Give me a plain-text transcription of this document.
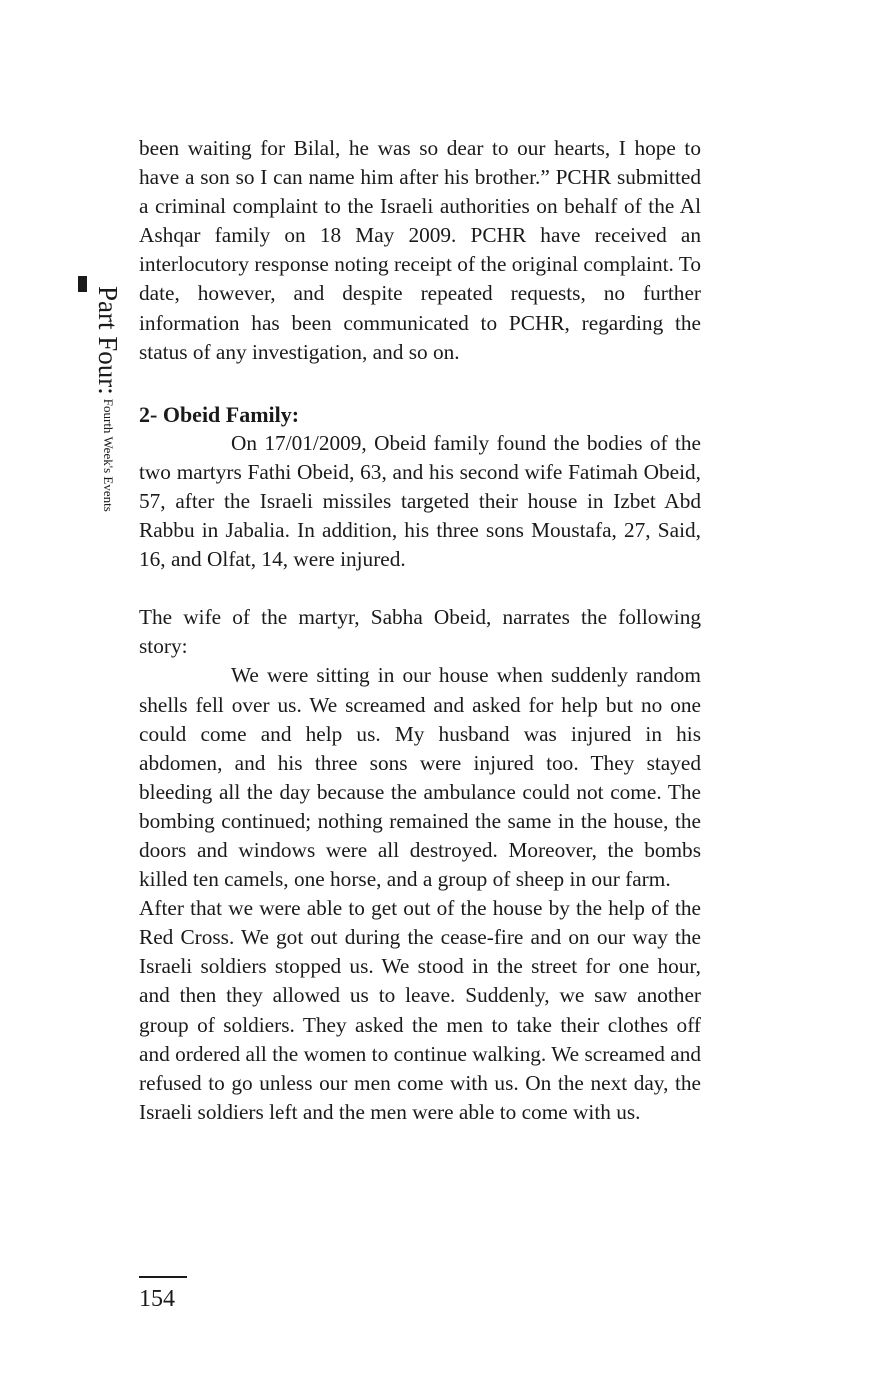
Part Four: Fourth Week's Events

been waiting for Bilal, he was so dear to our hearts, I hope to have a son so I can name him after his brother.” PCHR submitted a criminal complaint to the Israeli authorities on behalf of the Al Ashqar family on 18 May 2009. PCHR have received an interlocutory response noting receipt of the original complaint. To date, however, and despite repeated requests, no further information has been communicated to PCHR, regarding the status of any investigation, and so on.

2- Obeid Family:

On 17/01/2009, Obeid family found the bodies of the two martyrs Fathi Obeid, 63, and his second wife Fatimah Obeid, 57, after the Israeli missiles targeted their house in Izbet Abd Rabbu in Jabalia. In addition, his three sons Moustafa, 27, Said, 16, and Olfat, 14, were injured.

The wife of the martyr, Sabha Obeid, narrates the following story:

We were sitting in our house when suddenly random shells fell over us. We screamed and asked for help but no one could come and help us. My husband was injured in his abdomen, and his three sons were injured too. They stayed bleeding all the day because the ambulance could not come. The bombing continued; nothing remained the same in the house, the doors and windows were all destroyed. Moreover, the bombs killed ten camels, one horse, and a group of sheep in our farm.

After that we were able to get out of the house by the help of the Red Cross. We got out during the cease-fire and on our way the Israeli soldiers stopped us. We stood in the street for one hour, and then they allowed us to leave. Suddenly, we saw another group of soldiers. They asked the men to take their clothes off and ordered all the women to continue walking. We screamed and refused to go unless our men come with us. On the next day, the Israeli soldiers left and the men were able to come with us.

154
